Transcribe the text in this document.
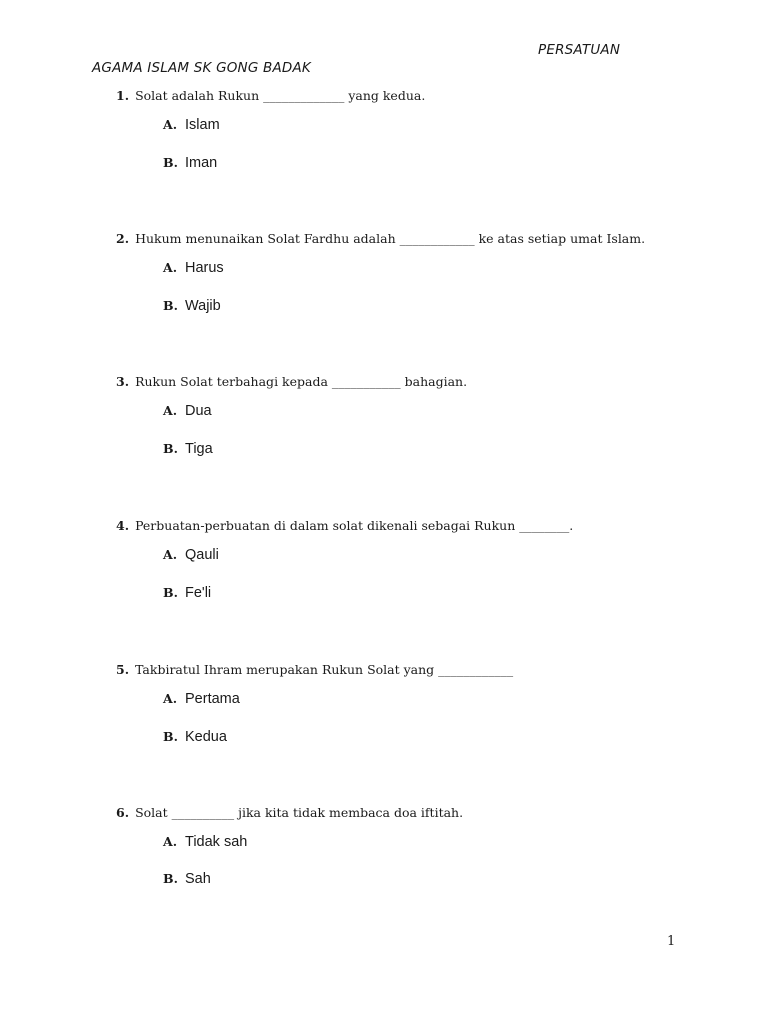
PERSATUAN
AGAMA ISLAM SK GONG BADAK
1. Solat adalah Rukun _____________ yang kedua.
A. Islam
B. Iman
2. Hukum menunaikan Solat Fardhu adalah ____________ ke atas setiap umat Islam.
A. Harus
B. Wajib
3. Rukun Solat terbahagi kepada ___________ bahagian.
A. Dua
B. Tiga
4. Perbuatan-perbuatan di dalam solat dikenali sebagai Rukun ________.
A. Qauli
B. Fe'li
5. Takbiratul Ihram merupakan Rukun Solat yang ____________
A. Pertama
B. Kedua
6. Solat __________ jika kita tidak membaca doa iftitah.
A. Tidak sah
B. Sah
1
